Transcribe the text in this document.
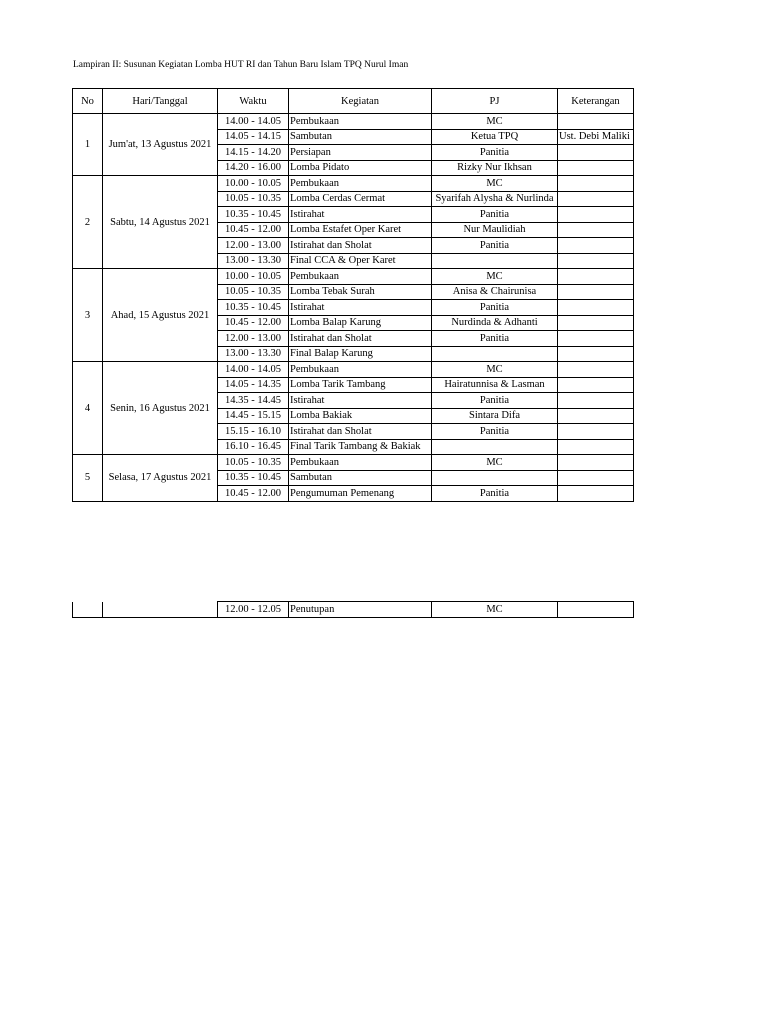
Lampiran II: Susunan Kegiatan Lomba HUT RI dan Tahun Baru Islam TPQ Nurul Iman
No	Hari/Tanggal	Waktu	Kegiatan	PJ	Keterangan
1	Jum'at, 13 Agustus 2021	14.00 - 14.05	Pembukaan	MC	
		14.05 - 14.15	Sambutan	Ketua TPQ	Ust. Debi Maliki
		14.15 - 14.20	Persiapan	Panitia	
		14.20 - 16.00	Lomba Pidato	Rizky Nur Ikhsan	
2	Sabtu, 14 Agustus 2021	10.00 - 10.05	Pembukaan	MC	
		10.05 - 10.35	Lomba Cerdas Cermat	Syarifah Alysha & Nurlinda	
		10.35 - 10.45	Istirahat	Panitia	
		10.45 - 12.00	Lomba Estafet Oper Karet	Nur Maulidiah	
		12.00 - 13.00	Istirahat dan Sholat	Panitia	
		13.00 - 13.30	Final CCA & Oper Karet		
3	Ahad, 15 Agustus 2021	10.00 - 10.05	Pembukaan	MC	
		10.05 - 10.35	Lomba Tebak Surah	Anisa & Chairunisa	
		10.35 - 10.45	Istirahat	Panitia	
		10.45 - 12.00	Lomba Balap Karung	Nurdinda & Adhanti	
		12.00 - 13.00	Istirahat dan Sholat	Panitia	
		13.00 - 13.30	Final Balap Karung		
4	Senin, 16 Agustus 2021	14.00 - 14.05	Pembukaan	MC	
		14.05 - 14.35	Lomba Tarik Tambang	Hairatunnisa & Lasman	
		14.35 - 14.45	Istirahat	Panitia	
		14.45 - 15.15	Lomba Bakiak	Sintara Difa	
		15.15 - 16.10	Istirahat dan Sholat	Panitia	
		16.10 - 16.45	Final Tarik Tambang & Bakiak		
5	Selasa, 17 Agustus 2021	10.05 - 10.35	Pembukaan	MC	
		10.35 - 10.45	Sambutan		
		10.45 - 12.00	Pengumuman Pemenang	Panitia	
		12.00 - 12.05	Penutupan	MC	
